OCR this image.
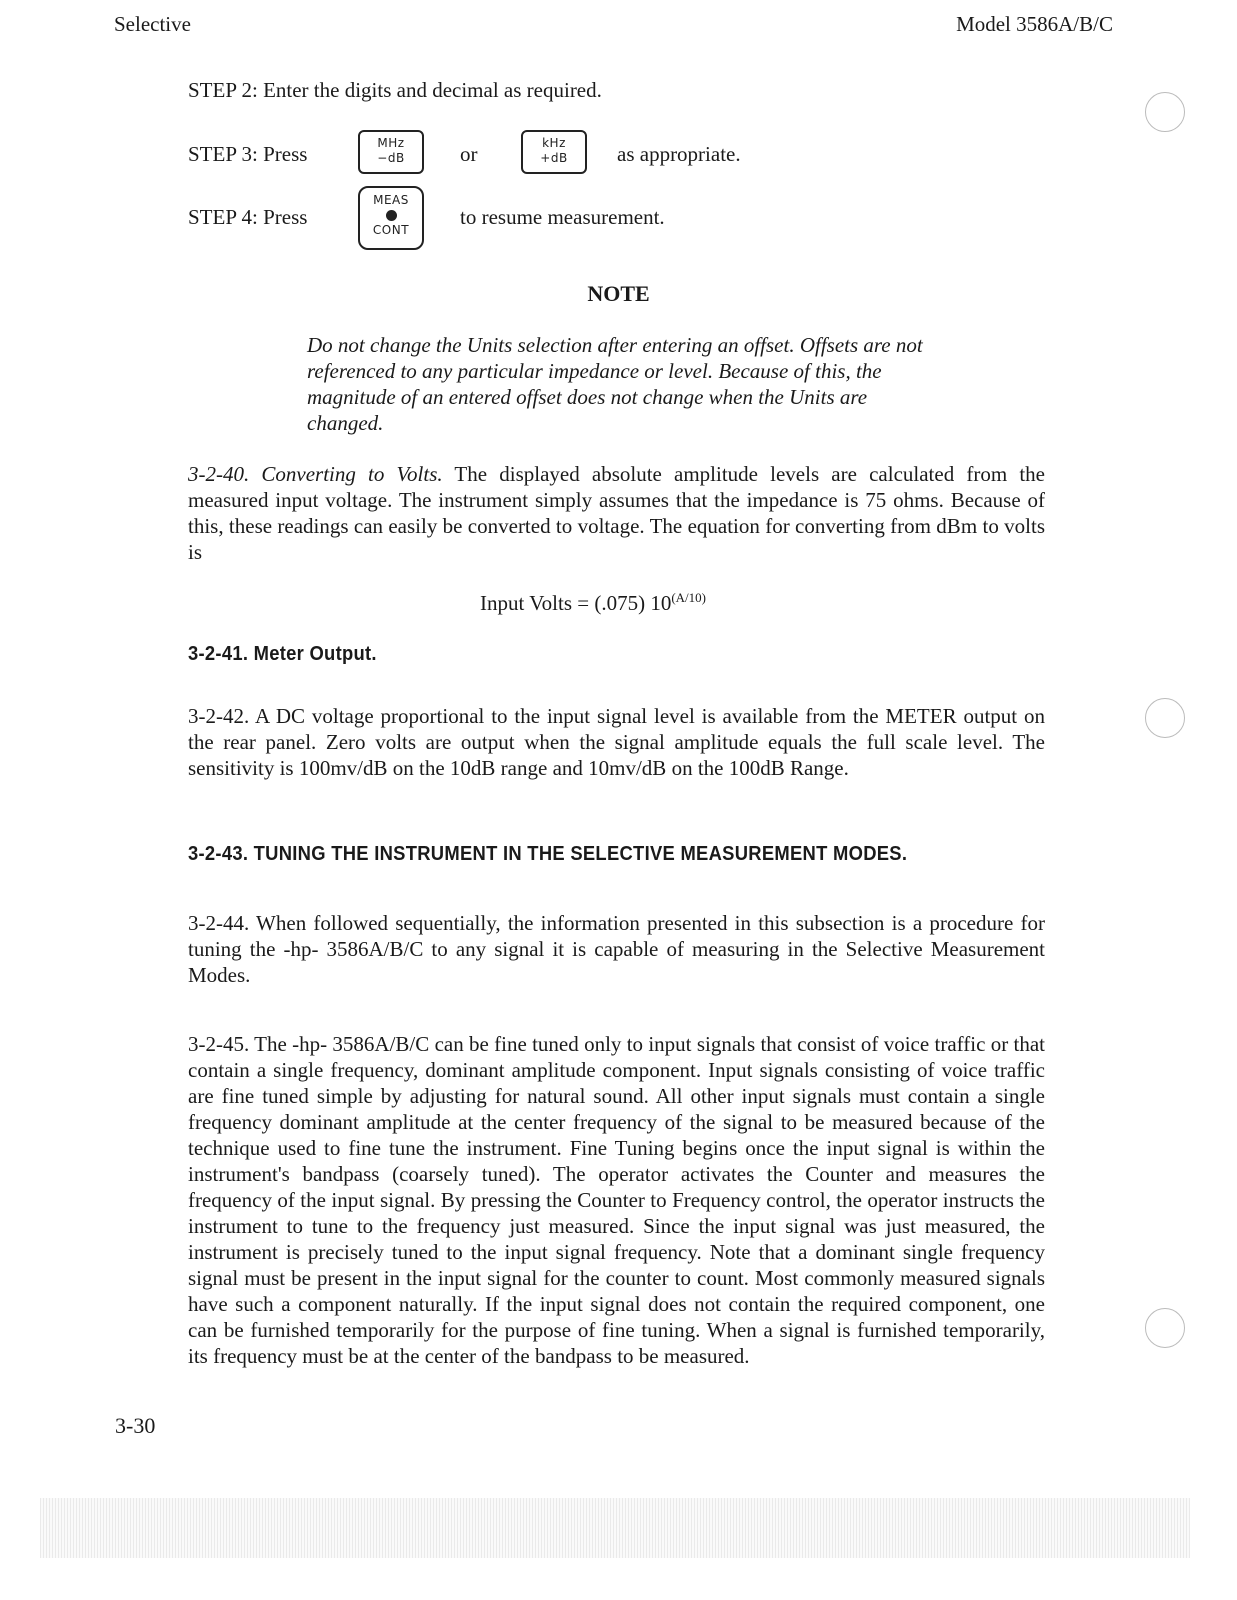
Selective	Model 3586A/B/C
STEP 2: Enter the digits and decimal as required.
STEP 3: Press	MHz
−dB	or	kHz
+dB	as appropriate.
STEP 4: Press
MEAS
CONT
to resume measurement.
NOTE
Do not change the Units selection after entering an offset. Offsets are not referenced to any particular impedance or level. Because of this, the magnitude of an entered offset does not change when the Units are changed.
3-2-40. Converting to Volts. The displayed absolute amplitude levels are calculated from the measured input voltage. The instrument simply assumes that the impedance is 75 ohms. Because of this, these readings can easily be converted to voltage. The equation for converting from dBm to volts is
Input Volts = (.075) $10^{(A/10)}$
3-2-41. Meter Output.
3-2-42. A DC voltage proportional to the input signal level is available from the METER output on the rear panel. Zero volts are output when the signal amplitude equals the full scale level. The sensitivity is 100mv/dB on the 10dB range and 10mv/dB on the 100dB Range.
3-2-43. TUNING THE INSTRUMENT IN THE SELECTIVE MEASUREMENT MODES.
3-2-44. When followed sequentially, the information presented in this subsection is a procedure for tuning the -hp- 3586A/B/C to any signal it is capable of measuring in the Selective Measurement Modes.
3-2-45. The -hp- 3586A/B/C can be fine tuned only to input signals that consist of voice traffic or that contain a single frequency, dominant amplitude component. Input signals consisting of voice traffic are fine tuned simple by adjusting for natural sound. All other input signals must contain a single frequency dominant amplitude at the center frequency of the signal to be measured because of the technique used to fine tune the instrument. Fine Tuning begins once the input signal is within the instrument's bandpass (coarsely tuned). The operator activates the Counter and measures the frequency of the input signal. By pressing the Counter to Frequency control, the operator instructs the instrument to tune to the frequency just measured. Since the input signal was just measured, the instrument is precisely tuned to the input signal frequency. Note that a dominant single frequency signal must be present in the input signal for the counter to count. Most commonly measured signals have such a component naturally. If the input signal does not contain the required component, one can be furnished temporarily for the purpose of fine tuning. When a signal is furnished temporarily, its frequency must be at the center of the bandpass to be measured.
3-30
